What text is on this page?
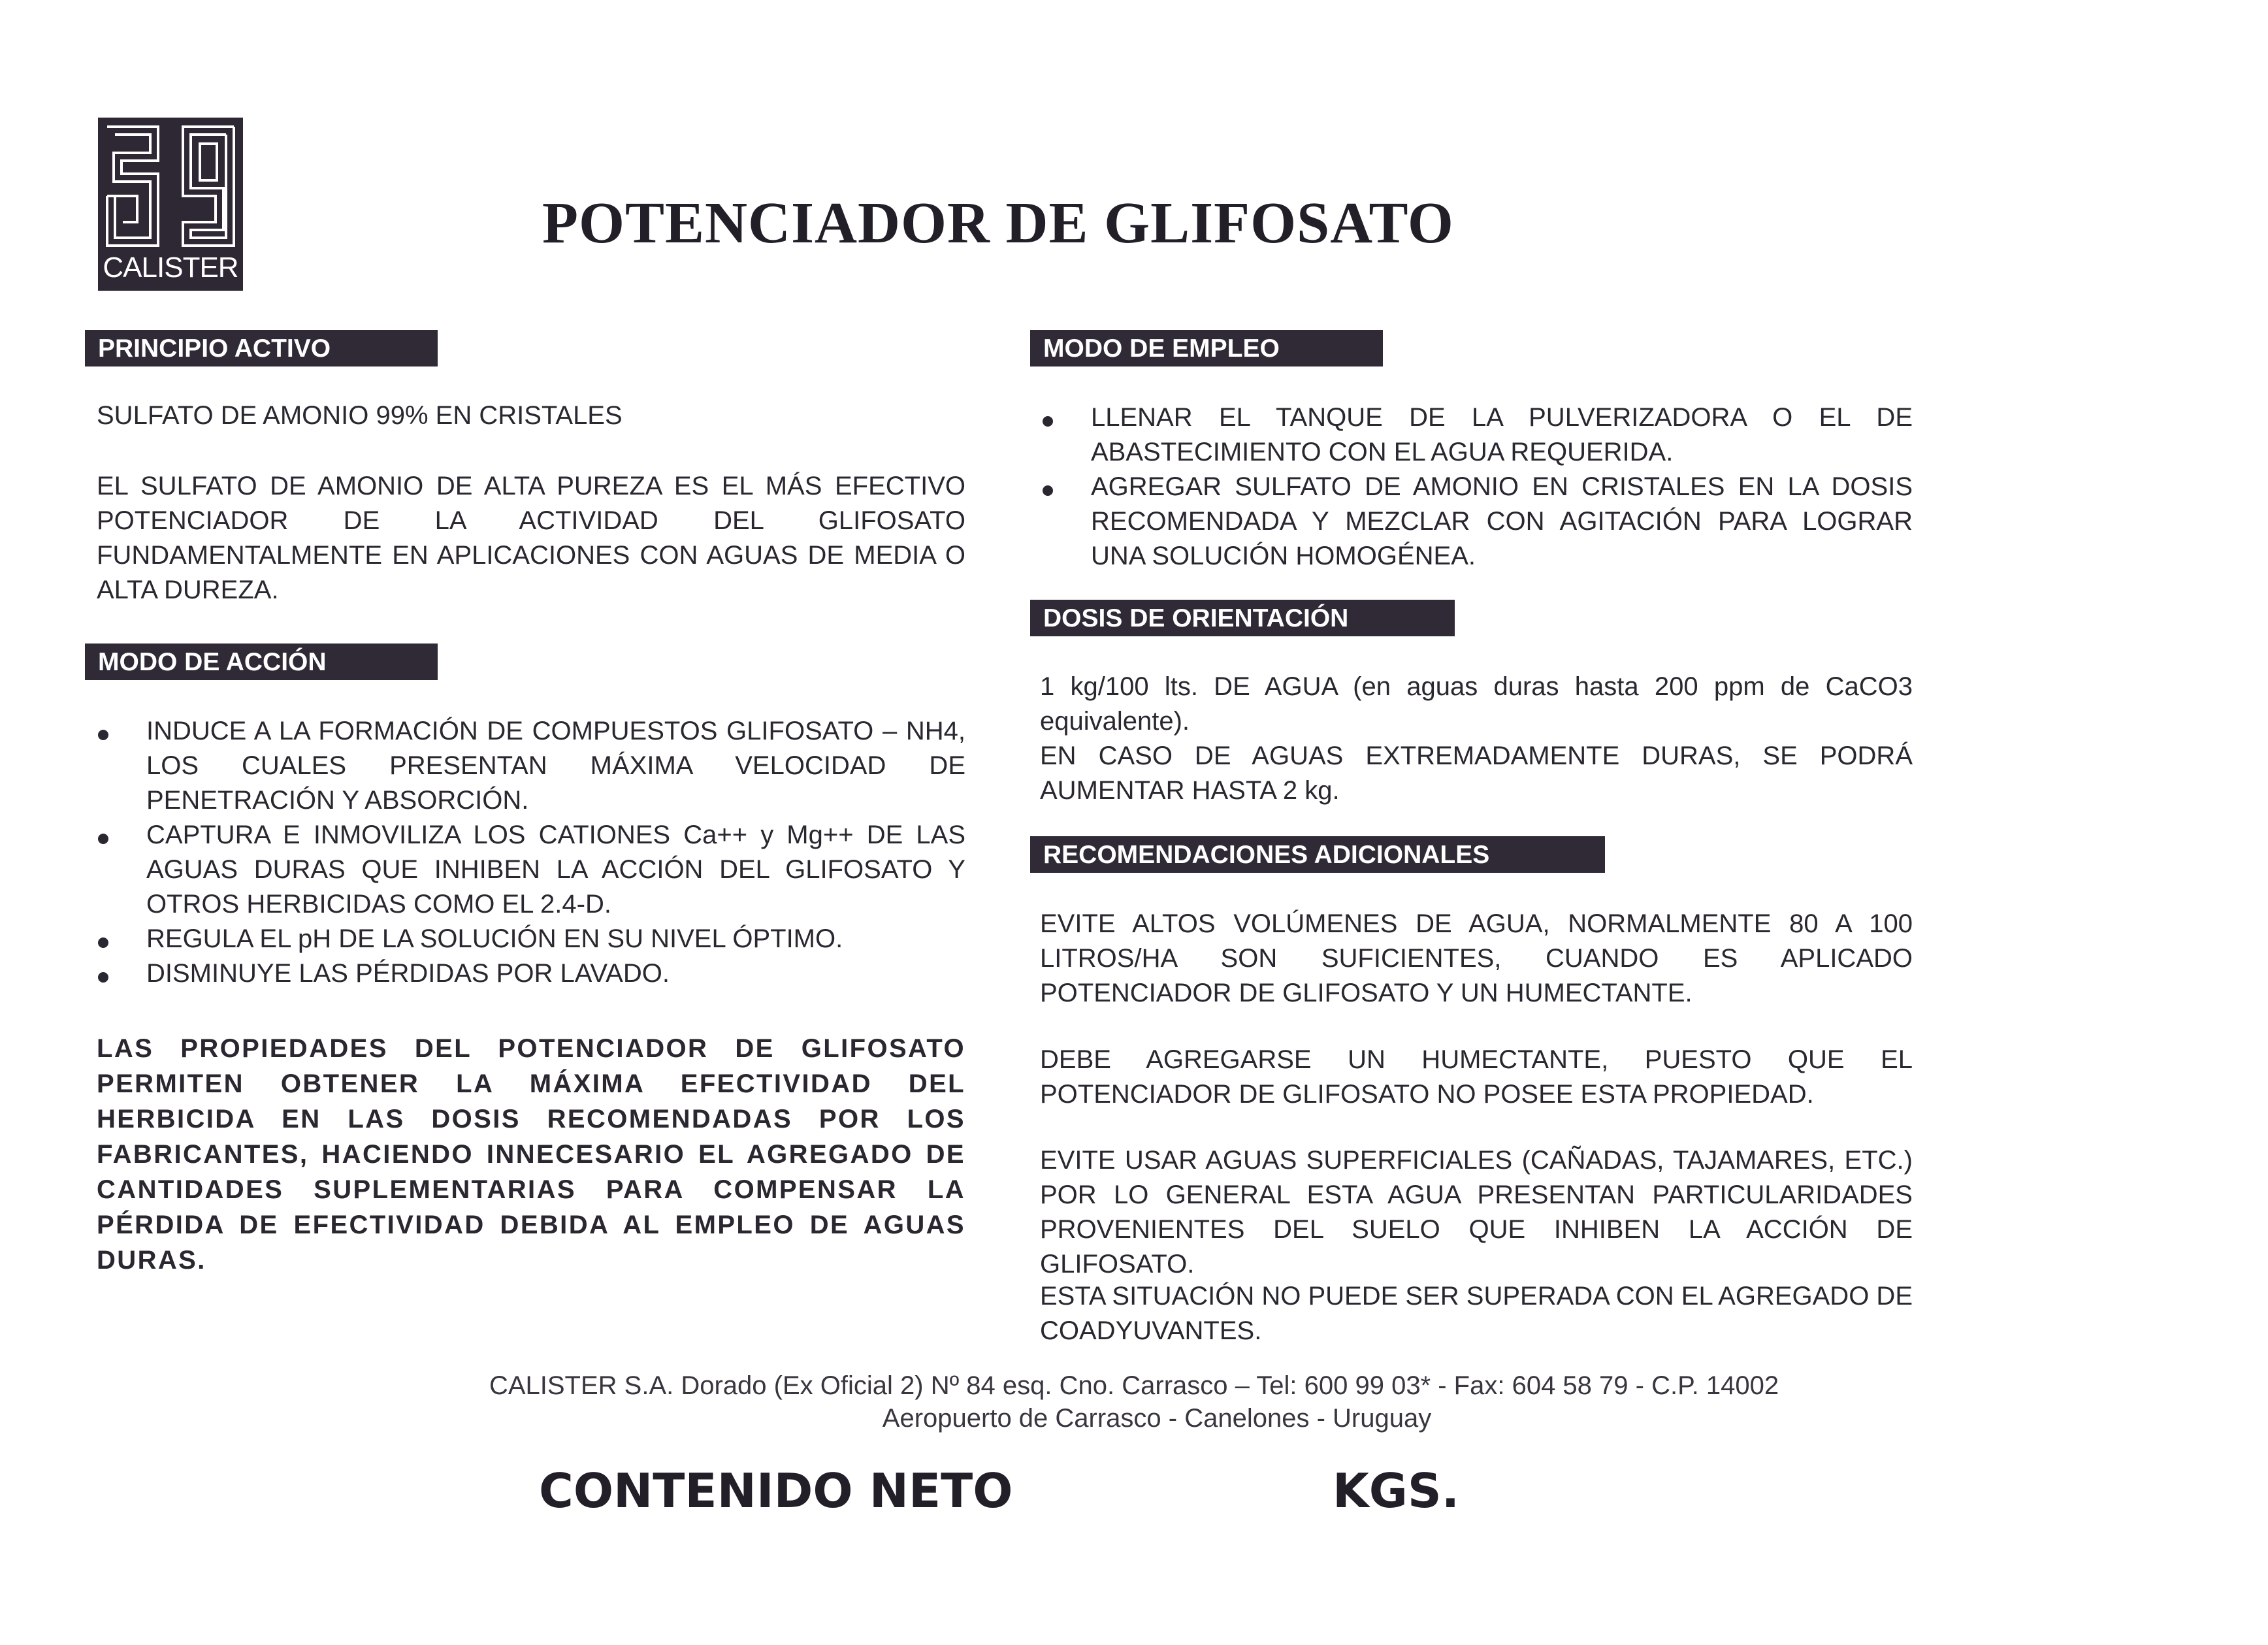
CALISTER
POTENCIADOR DE GLIFOSATO
PRINCIPIO ACTIVO

SULFATO DE AMONIO 99% EN CRISTALES

EL SULFATO DE AMONIO DE ALTA PUREZA ES EL MÁS EFECTIVO POTENCIADOR DE LA ACTIVIDAD DEL GLIFOSATO FUNDAMENTALMENTE EN APLICACIONES CON AGUAS DE MEDIA O ALTA DUREZA.

MODO DE ACCIÓN
INDUCE A LA FORMACIÓN DE COMPUESTOS GLIFOSATO – NH4, LOS CUALES PRESENTAN MÁXIMA VELOCIDAD DE PENETRACIÓN Y ABSORCIÓN.
CAPTURA E INMOVILIZA LOS CATIONES Ca++ y Mg++ DE LAS AGUAS DURAS QUE INHIBEN LA ACCIÓN DEL GLIFOSATO Y OTROS HERBICIDAS COMO EL 2.4-D.
REGULA EL pH DE LA SOLUCIÓN EN SU NIVEL ÓPTIMO.
DISMINUYE LAS PÉRDIDAS POR LAVADO.

LAS PROPIEDADES DEL POTENCIADOR DE GLIFOSATO PERMITEN OBTENER LA MÁXIMA EFECTIVIDAD DEL HERBICIDA EN LAS DOSIS RECOMENDADAS POR LOS FABRICANTES, HACIENDO INNECESARIO EL AGREGADO DE CANTIDADES SUPLEMENTARIAS PARA COMPENSAR LA PÉRDIDA DE EFECTIVIDAD DEBIDA AL EMPLEO DE AGUAS DURAS.

MODO DE EMPLEO
LLENAR EL TANQUE DE LA PULVERIZADORA O EL DE ABASTECIMIENTO CON EL AGUA REQUERIDA.
AGREGAR SULFATO DE AMONIO EN CRISTALES EN LA DOSIS RECOMENDADA Y MEZCLAR CON AGITACIÓN PARA LOGRAR UNA SOLUCIÓN HOMOGÉNEA.
DOSIS DE ORIENTACIÓN

1 kg/100 lts. DE AGUA (en aguas duras hasta 200 ppm de CaCO3 equivalente).

EN CASO DE AGUAS EXTREMADAMENTE DURAS, SE PODRÁ AUMENTAR HASTA 2 kg.

RECOMENDACIONES ADICIONALES

EVITE ALTOS VOLÚMENES DE AGUA, NORMALMENTE 80 A 100 LITROS/HA SON SUFICIENTES, CUANDO ES APLICADO POTENCIADOR DE GLIFOSATO Y UN HUMECTANTE.

DEBE AGREGARSE UN HUMECTANTE, PUESTO QUE EL POTENCIADOR DE GLIFOSATO NO POSEE ESTA PROPIEDAD.

EVITE USAR AGUAS SUPERFICIALES (CAÑADAS, TAJAMARES, ETC.) POR LO GENERAL ESTA AGUA PRESENTAN PARTICULARIDADES PROVENIENTES DEL SUELO QUE INHIBEN LA ACCIÓN DE GLIFOSATO.

ESTA SITUACIÓN NO PUEDE SER SUPERADA CON EL AGREGADO DE COADYUVANTES.

CALISTER S.A. Dorado (Ex Oficial 2) Nº 84 esq. Cno. Carrasco – Tel: 600 99 03* - Fax: 604 58 79 - C.P. 14002

Aeropuerto de Carrasco - Canelones - Uruguay

CONTENIDO NETO	KGS.
